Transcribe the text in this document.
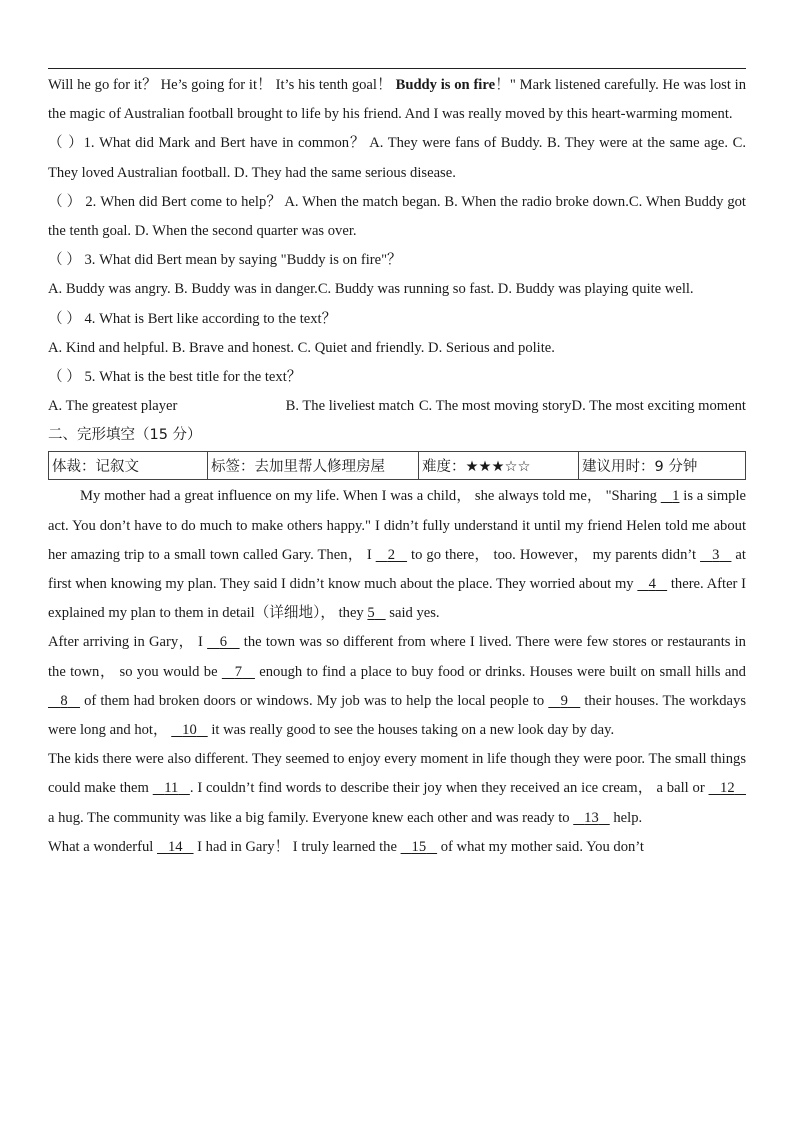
Will he go for it？ He’s going for it！ It’s his tenth goal！ Buddy is on fire！" Mark listened carefully. He was lost in the magic of Australian football brought to life by his friend. And I was really moved by this heart-warming moment.

（ ）1. What did Mark and Bert have in common？ A. They were fans of Buddy. B. They were at the same age. C. They loved Australian football. D. They had the same serious disease.

（ ） 2. When did Bert come to help？ A. When the match began. B. When the radio broke down.C. When Buddy got the tenth goal. D. When the second quarter was over.

（ ） 3. What did Bert mean by saying "Buddy is on fire"？

A. Buddy was angry. B. Buddy was in danger.C. Buddy was running so fast. D. Buddy was playing quite well.

（ ） 4. What is Bert like according to the text？

A. Kind and helpful. B. Brave and honest. C. Quiet and friendly. D. Serious and polite.

（ ） 5. What is the best title for the text？

A. The greatest player	B. The liveliest match C. The most moving story D. The most exciting moment
二、完形填空（15 分）
体裁：记叙文	标签：去加里帮人修理房屋	难度：★★★☆☆	建议用时：9 分钟

My mother had a great influence on my life. When I was a child， she always told me， "Sharing    1 is a simple act. You don’t have to do much to make others happy." I didn’t fully understand it until my friend Helen told me about her amazing trip to a small town called Gary. Then， I    2    to go there， too. However， my parents didn’t    3    at first when knowing my plan. They said I didn’t know much about the place. They worried about my    4    there. After I explained my plan to them in detail（详细地）， they 5    said yes.

After arriving in Gary， I    6    the town was so different from where I lived. There were few stores or restaurants in the town， so you would be    7    enough to find a place to buy food or drinks. Houses were built on small hills and    8    of them had broken doors or windows. My job was to help the local people to    9    their houses. The workdays were long and hot，    10    it was really good to see the houses taking on a new look day by day.

The kids there were also different. They seemed to enjoy every moment in life though they were poor. The small things could make them    11 . I couldn’t find words to describe their joy when they received an ice cream， a ball or    12    a hug. The community was like a big family. Everyone knew each other and was ready to    13    help.

What a wonderful    14    I had in Gary！ I truly learned the    15    of what my mother said. You don’t
